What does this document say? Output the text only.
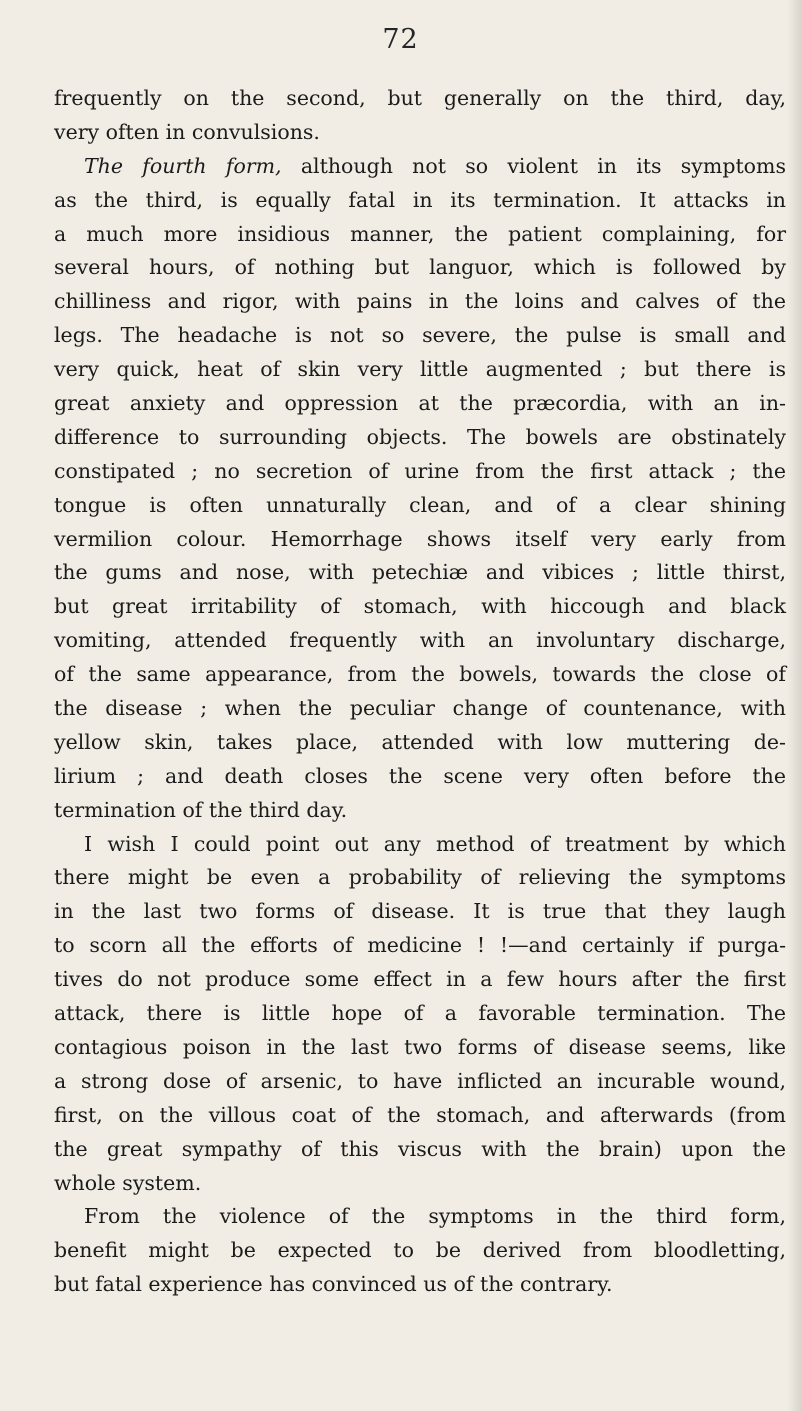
72

frequently on the second, but generally on the third, day,
very often in convulsions.
The fourth form, although not so violent in its symptoms
as the third, is equally fatal in its termination. It attacks in
a much more insidious manner, the patient complaining, for
several hours, of nothing but languor, which is followed by
chilliness and rigor, with pains in the loins and calves of the
legs. The headache is not so severe, the pulse is small and
very quick, heat of skin very little augmented ; but there is
great anxiety and oppression at the præcordia, with an in-
difference to surrounding objects. The bowels are obstinately
constipated ; no secretion of urine from the first attack ; the
tongue is often unnaturally clean, and of a clear shining
vermilion colour. Hemorrhage shows itself very early from
the gums and nose, with petechiæ and vibices ; little thirst,
but great irritability of stomach, with hiccough and black
vomiting, attended frequently with an involuntary discharge,
of the same appearance, from the bowels, towards the close of
the disease ; when the peculiar change of countenance, with
yellow skin, takes place, attended with low muttering de-
lirium ; and death closes the scene very often before the
termination of the third day.
I wish I could point out any method of treatment by which
there might be even a probability of relieving the symptoms
in the last two forms of disease. It is true that they laugh
to scorn all the efforts of medicine ! !—and certainly if purga-
tives do not produce some effect in a few hours after the first
attack, there is little hope of a favorable termination. The
contagious poison in the last two forms of disease seems, like
a strong dose of arsenic, to have inflicted an incurable wound,
first, on the villous coat of the stomach, and afterwards (from
the great sympathy of this viscus with the brain) upon the
whole system.
From the violence of the symptoms in the third form,
benefit might be expected to be derived from bloodletting,
but fatal experience has convinced us of the contrary.
